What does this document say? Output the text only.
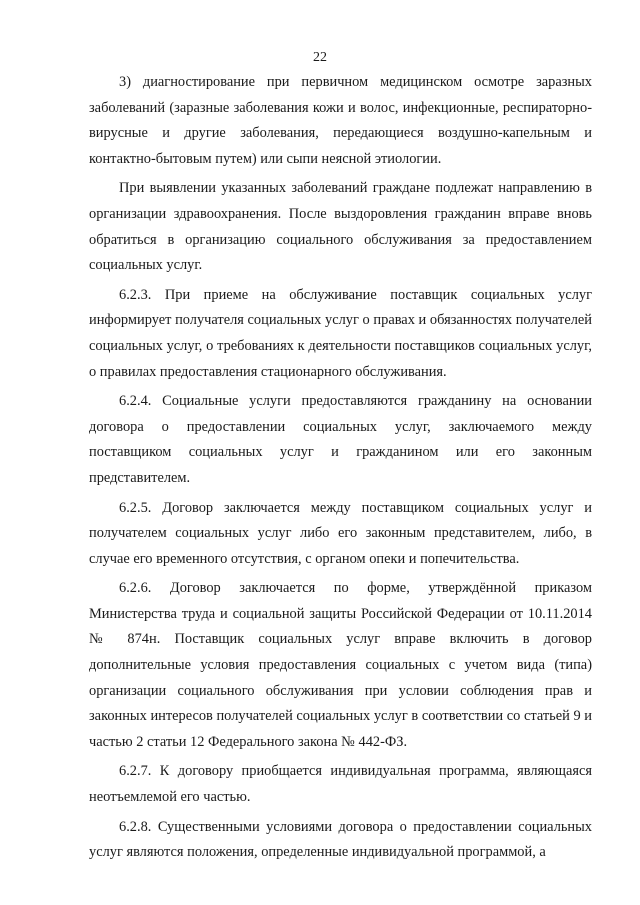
22

3) диагностирование при первичном медицинском осмотре заразных заболеваний (заразные заболевания кожи и волос, инфекционные, респираторно-вирусные и другие заболевания, передающиеся воздушно-капельным и контактно-бытовым путем) или сыпи неясной этиологии.

При выявлении указанных заболеваний граждане подлежат направлению в организации здравоохранения. После выздоровления гражданин вправе вновь обратиться в организацию социального обслуживания за предоставлением социальных услуг.

6.2.3. При приеме на обслуживание поставщик социальных услуг информирует получателя социальных услуг о правах и обязанностях получателей социальных услуг, о требованиях к деятельности поставщиков социальных услуг, о правилах предоставления стационарного обслуживания.

6.2.4. Социальные услуги предоставляются гражданину на основании договора о предоставлении социальных услуг, заключаемого между поставщиком социальных услуг и гражданином или его законным представителем.

6.2.5. Договор заключается между поставщиком социальных услуг и получателем социальных услуг либо его законным представителем, либо, в случае его временного отсутствия, с органом опеки и попечительства.

6.2.6. Договор заключается по форме, утверждённой приказом Министерства труда и социальной защиты Российской Федерации от 10.11.2014 № 874н. Поставщик социальных услуг вправе включить в договор дополнительные условия предоставления социальных с учетом вида (типа) организации социального обслуживания при условии соблюдения прав и законных интересов получателей социальных услуг в соответствии со статьей 9 и частью 2 статьи 12 Федерального закона № 442-ФЗ.

6.2.7. К договору приобщается индивидуальная программа, являющаяся неотъемлемой его частью.

6.2.8. Существенными условиями договора о предоставлении социальных услуг являются положения, определенные индивидуальной программой, а
